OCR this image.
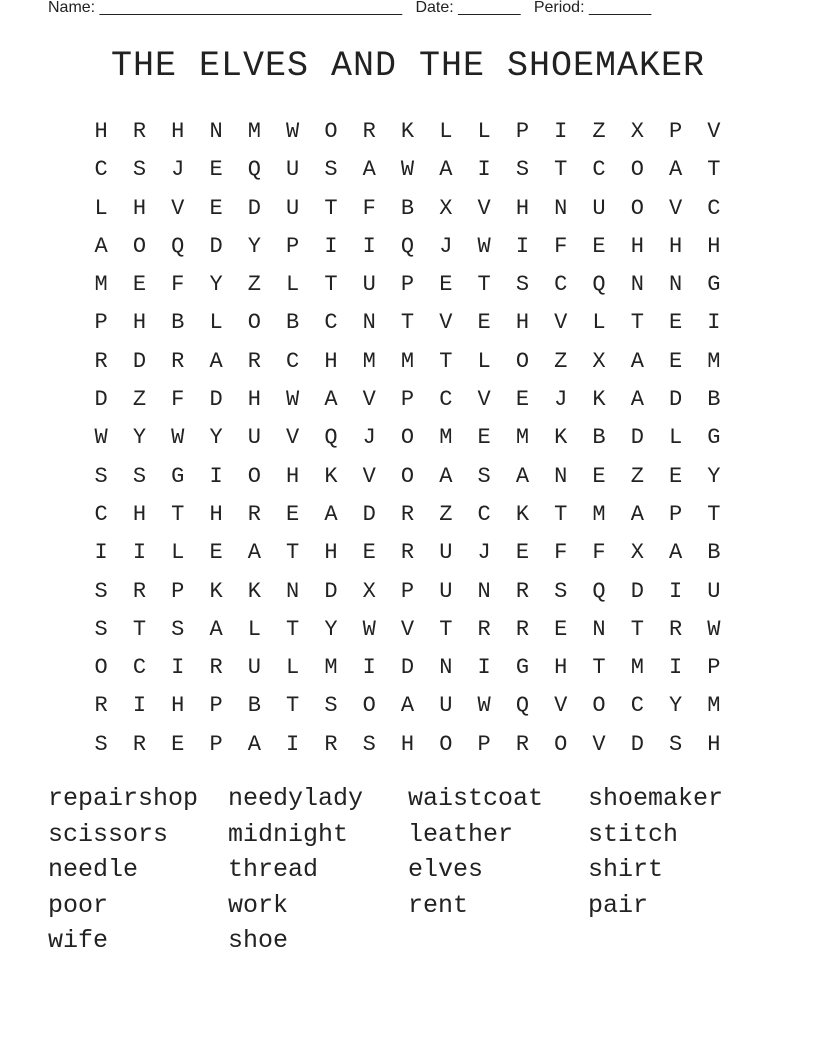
Name: __________________________________ Date: _______ Period: _______
THE ELVES AND THE SHOEMAKER
H	R	H	N	M	W	O	R	K	L	L	P	I	Z	X	P	V
C	S	J	E	Q	U	S	A	W	A	I	S	T	C	O	A	T
L	H	V	E	D	U	T	F	B	X	V	H	N	U	O	V	C
A	O	Q	D	Y	P	I	I	Q	J	W	I	F	E	H	H	H
M	E	F	Y	Z	L	T	U	P	E	T	S	C	Q	N	N	G
P	H	B	L	O	B	C	N	T	V	E	H	V	L	T	E	I
R	D	R	A	R	C	H	M	M	T	L	O	Z	X	A	E	M
D	Z	F	D	H	W	A	V	P	C	V	E	J	K	A	D	B
W	Y	W	Y	U	V	Q	J	O	M	E	M	K	B	D	L	G
S	S	G	I	O	H	K	V	O	A	S	A	N	E	Z	E	Y
C	H	T	H	R	E	A	D	R	Z	C	K	T	M	A	P	T
I	I	L	E	A	T	H	E	R	U	J	E	F	F	X	A	B
S	R	P	K	K	N	D	X	P	U	N	R	S	Q	D	I	U
S	T	S	A	L	T	Y	W	V	T	R	R	E	N	T	R	W
O	C	I	R	U	L	M	I	D	N	I	G	H	T	M	I	P
R	I	H	P	B	T	S	O	A	U	W	Q	V	O	C	Y	M
S	R	E	P	A	I	R	S	H	O	P	R	O	V	D	S	H
repairshop	needylady	waistcoat	shoemaker
scissors	midnight	leather	stitch
needle	thread	elves	shirt
poor	work	rent	pair
wife	shoe
